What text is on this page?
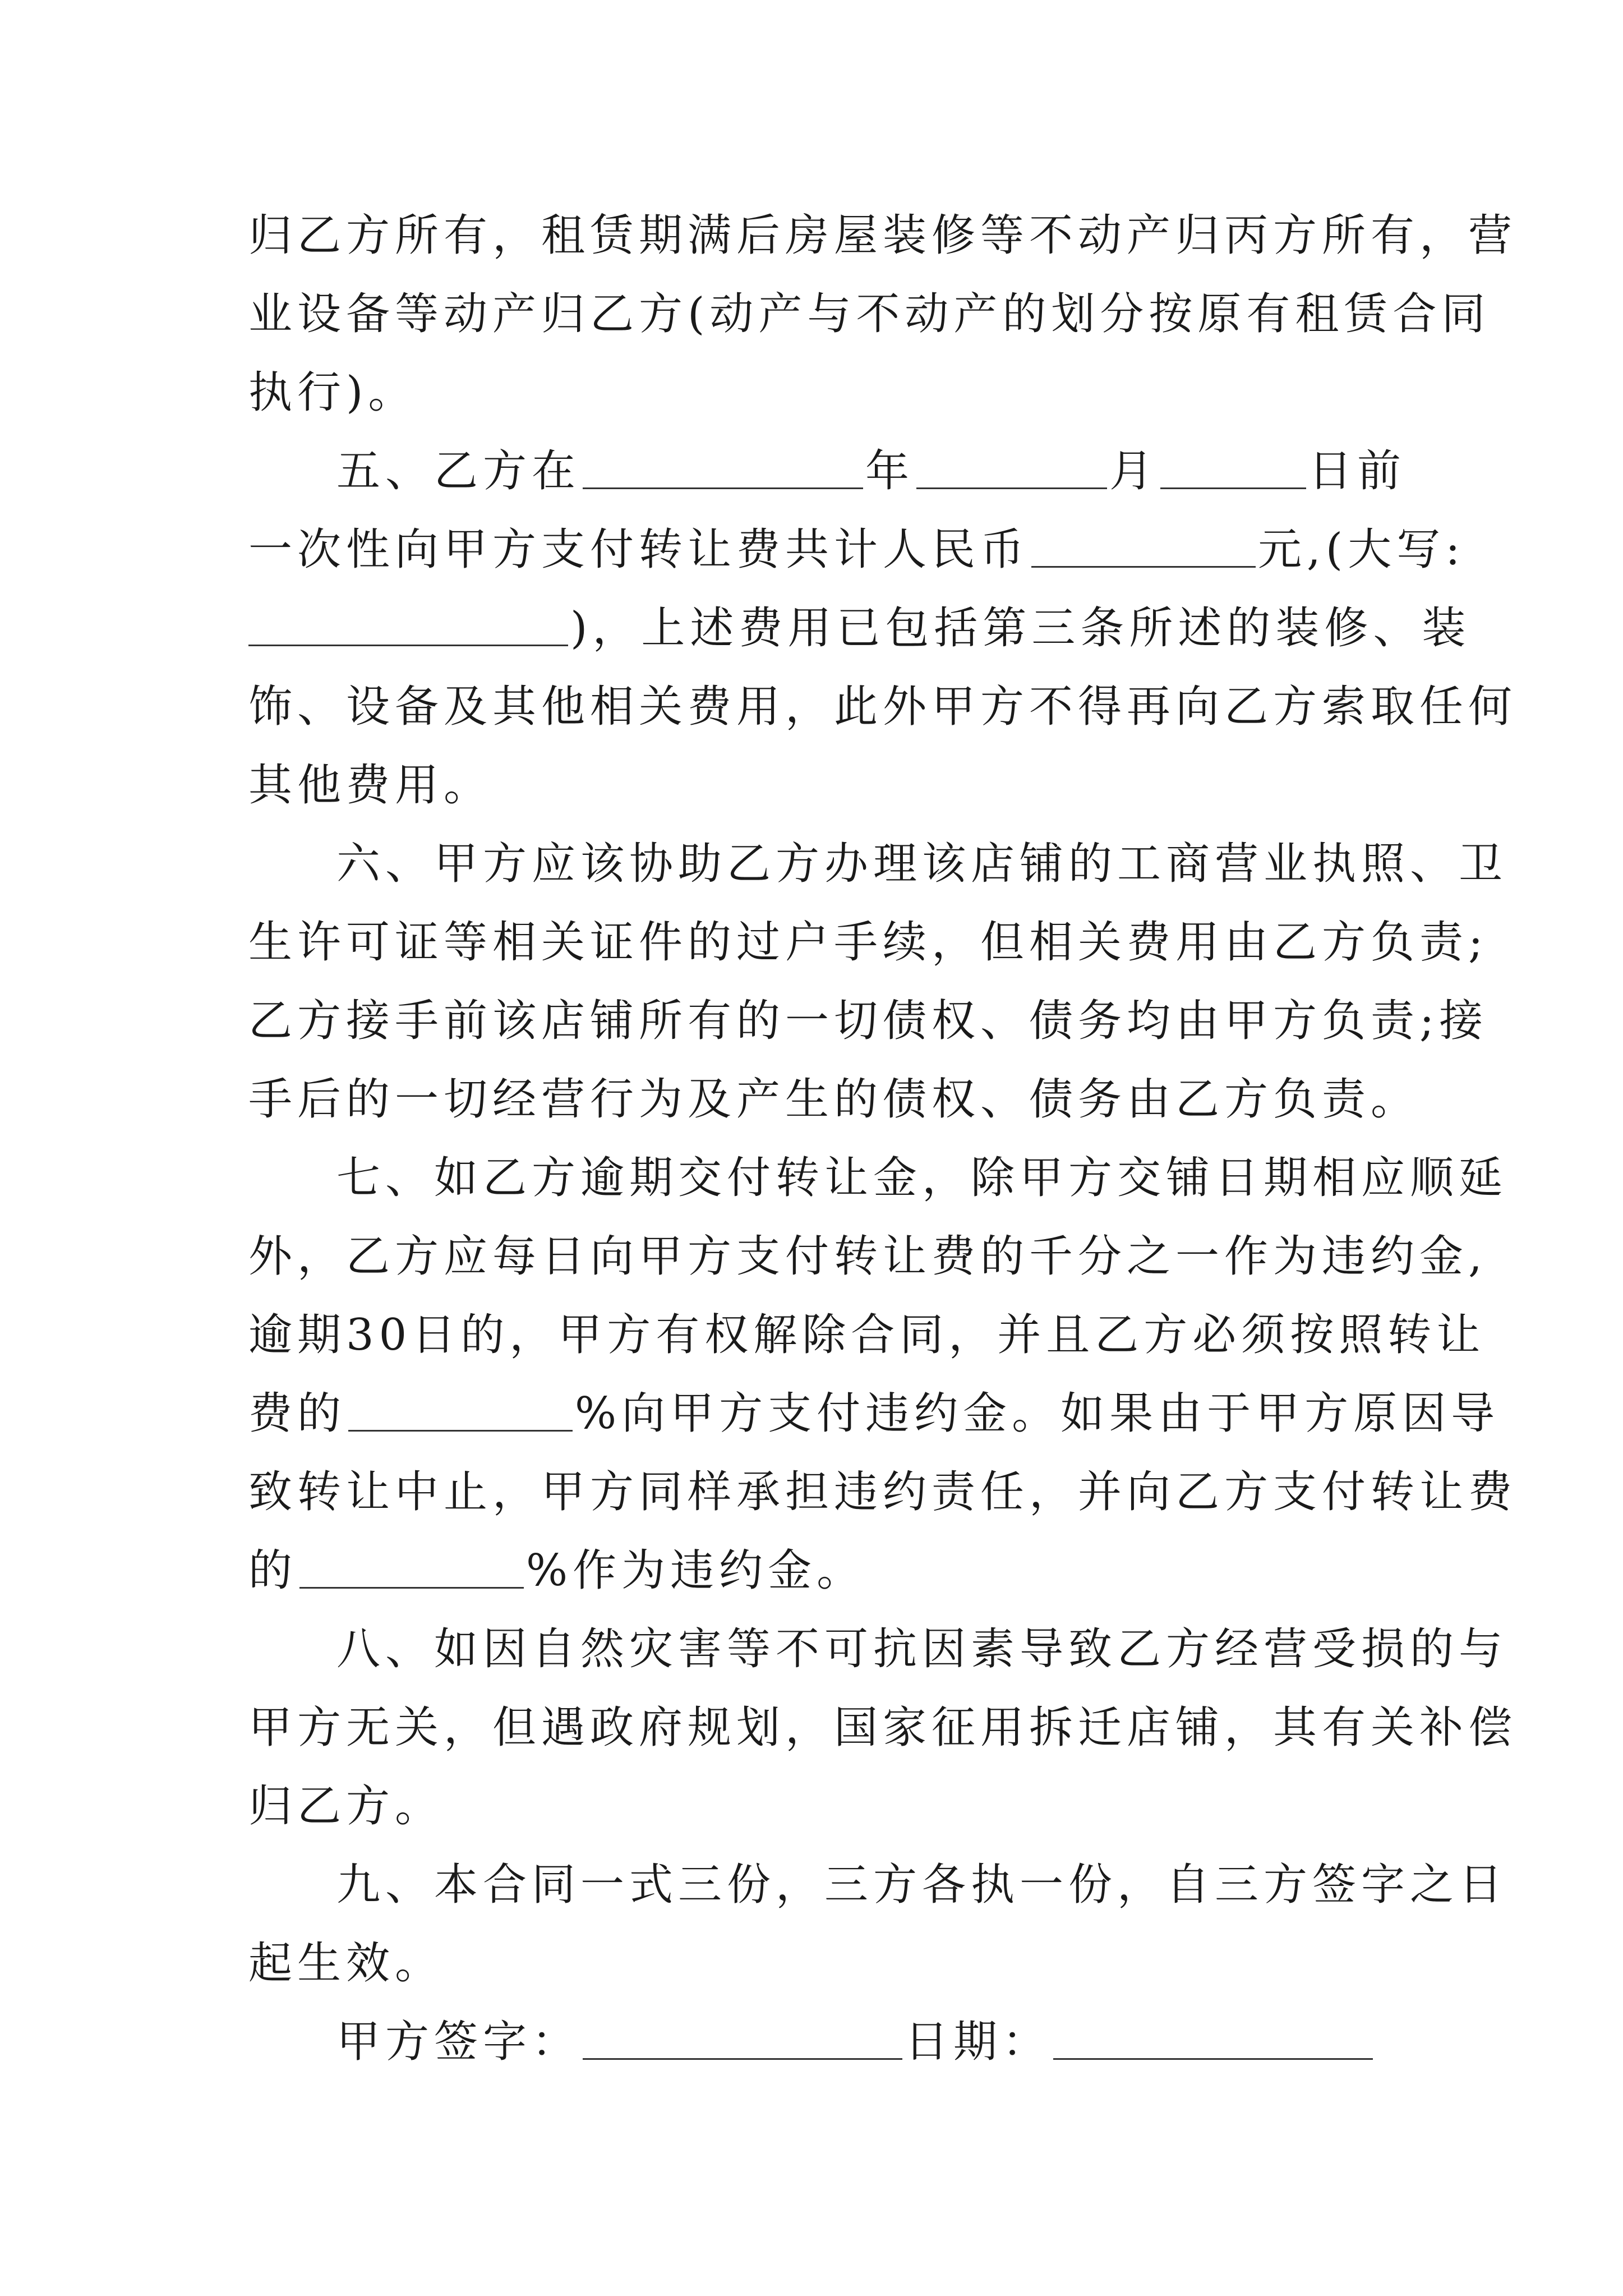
归乙方所有，租赁期满后房屋装修等不动产归丙方所有，营
业设备等动产归乙方(动产与不动产的划分按原有租赁合同
执行)。
五、乙方在	年	月	日前
一次性向甲方支付转让费共计人民币	元,(大写:
)，上述费用已包括第三条所述的装修、装
饰、设备及其他相关费用，此外甲方不得再向乙方索取任何
其他费用。
六、甲方应该协助乙方办理该店铺的工商营业执照、卫
生许可证等相关证件的过户手续，但相关费用由乙方负责;
乙方接手前该店铺所有的一切债权、债务均由甲方负责;接
手后的一切经营行为及产生的债权、债务由乙方负责。
七、如乙方逾期交付转让金，除甲方交铺日期相应顺延
外，乙方应每日向甲方支付转让费的千分之一作为违约金,
逾期30日的，甲方有权解除合同，并且乙方必须按照转让
费的	%向甲方支付违约金。如果由于甲方原因导
致转让中止，甲方同样承担违约责任，并向乙方支付转让费
的	%作为违约金。
八、如因自然灾害等不可抗因素导致乙方经营受损的与
甲方无关，但遇政府规划，国家征用拆迁店铺，其有关补偿
归乙方。
九、本合同一式三份，三方各执一份，自三方签字之日
起生效。
甲方签字：	日期：
